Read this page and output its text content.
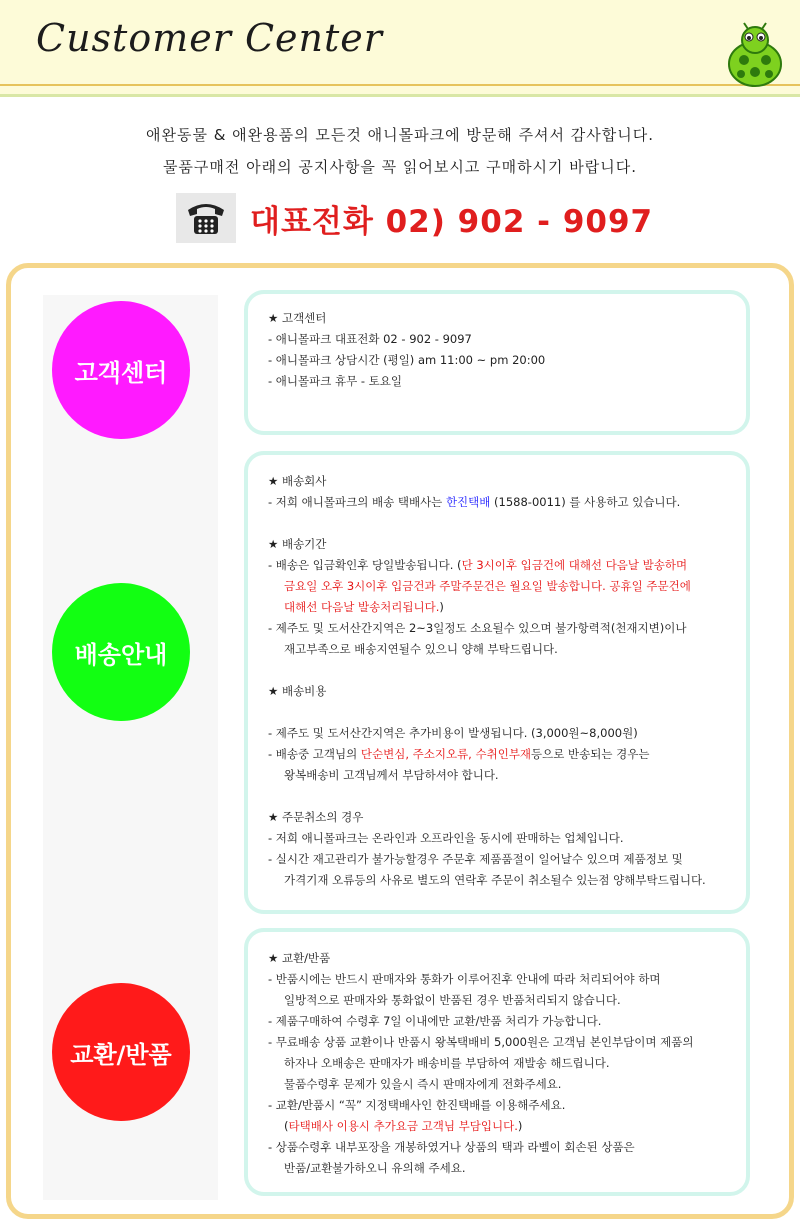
Customer Center
애완동물 & 애완용품의 모든것 애니몰파크에 방문해 주셔서 감사합니다.
물품구매전 아래의 공지사항을 꼭 읽어보시고 구매하시기 바랍니다.
대표전화 02) 902 - 9097
고객센터
배송안내
교환/반품
★ 고객센터
- 애니몰파크 대표전화 02 - 902 - 9097
- 애니몰파크 상담시간 (평일) am 11:00 ~ pm 20:00
- 애니몰파크 휴무 - 토요일
★ 배송회사
- 저희 애니몰파크의 배송 택배사는 한진택배 (1588-0011) 를 사용하고 있습니다.
★ 배송기간
- 배송은 입금확인후 당일발송됩니다. (단 3시이후 입금건에 대해선 다음날 발송하며
금요일 오후 3시이후 입금건과 주말주문건은 월요일 발송합니다. 공휴일 주문건에
대해선 다음날 발송처리됩니다.)
- 제주도 및 도서산간지역은 2~3일정도 소요될수 있으며 불가항력적(천재지변)이나
재고부족으로 배송지연될수 있으니 양해 부탁드립니다.
★ 배송비용
- 제주도 및 도서산간지역은 추가비용이 발생됩니다. (3,000원~8,000원)
- 배송중 고객님의 단순변심, 주소지오류, 수취인부재등으로 반송되는 경우는
왕복배송비 고객님께서 부담하셔야 합니다.
★ 주문취소의 경우
- 저희 애니몰파크는 온라인과 오프라인을 동시에 판매하는 업체입니다.
- 실시간 재고관리가 불가능할경우 주문후 제품품절이 일어날수 있으며 제품정보 및
가격기재 오류등의 사유로 별도의 연락후 주문이 취소될수 있는점 양해부탁드립니다.
★ 교환/반품
- 반품시에는 반드시 판매자와 통화가 이루어진후 안내에 따라 처리되어야 하며
일방적으로 판매자와 통화없이 반품된 경우 반품처리되지 않습니다.
- 제품구매하여 수령후 7일 이내에만 교환/반품 처리가 가능합니다.
- 무료배송 상품 교환이나 반품시 왕복택배비 5,000원은 고객님 본인부담이며 제품의
하자나 오배송은 판매자가 배송비를 부담하여 재발송 해드립니다.
물품수령후 문제가 있을시 즉시 판매자에게 전화주세요.
- 교환/반품시 “꼭” 지정택배사인 한진택배를 이용해주세요.
(타택배사 이용시 추가요금 고객님 부담입니다.)
- 상품수령후 내부포장을 개봉하였거나 상품의 택과 라벨이 회손된 상품은
반품/교환불가하오니 유의해 주세요.
